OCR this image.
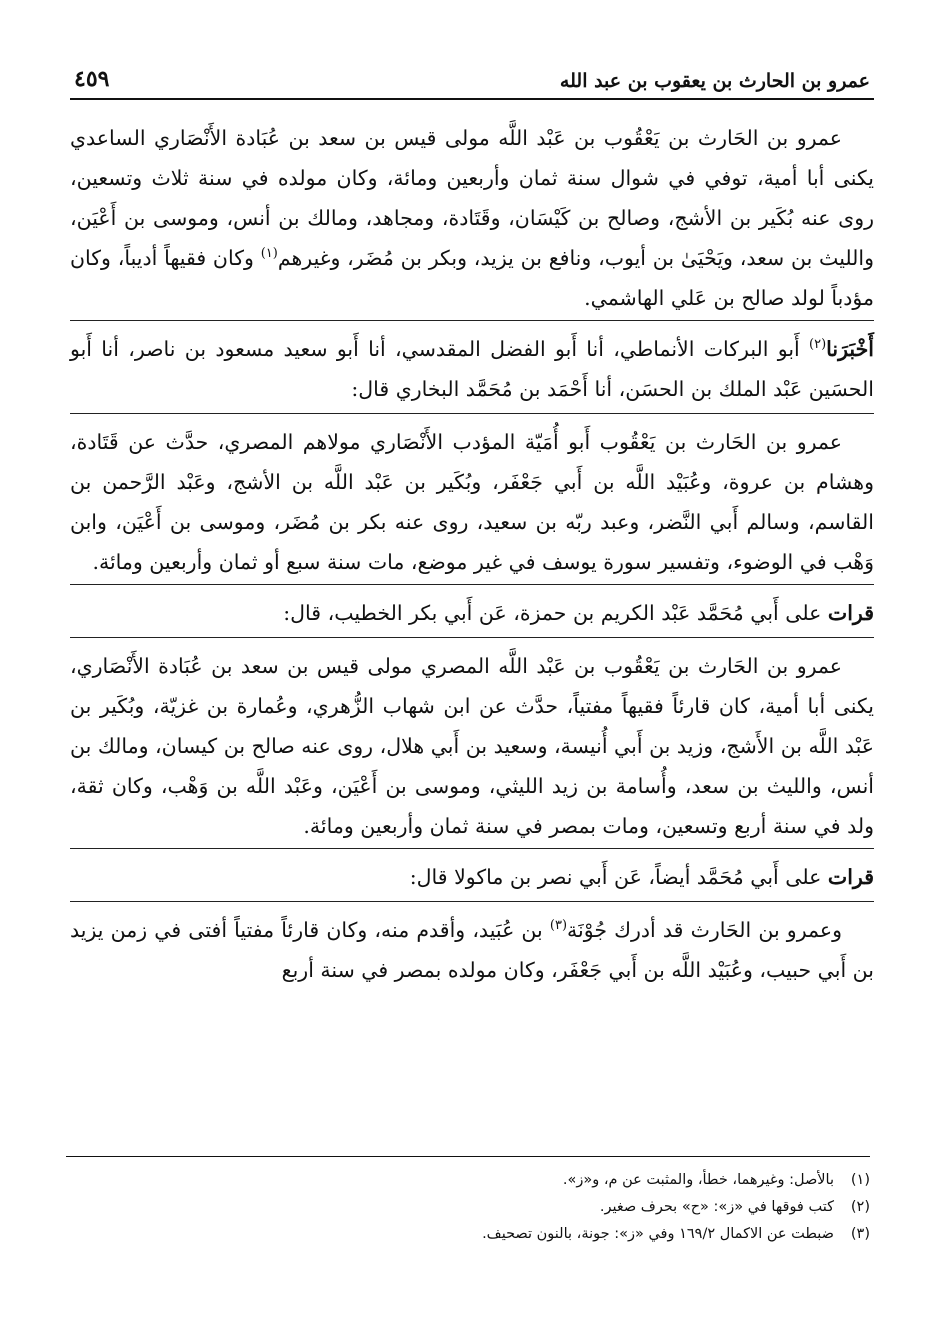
عمرو بن الحارث بن يعقوب بن عبد الله
٤٥٩

عمرو بن الحَارث بن يَعْقُوب بن عَبْد اللَّه مولى قيس بن سعد بن عُبَادة الأَنْصَاري الساعدي يكنى أبا أمية، توفي في شوال سنة ثمان وأربعين ومائة، وكان مولده في سنة ثلاث وتسعين، روى عنه بُكَير بن الأشج، وصالح بن كَيْسَان، وقَتَادة، ومجاهد، ومالك بن أنس، وموسى بن أَعْيَن، والليث بن سعد، ويَحْيَىٰ بن أيوب، ونافع بن يزيد، وبكر بن مُضَر، وغيرهم$^{(١)}$ وكان فقيهاً أديباً، وكان مؤدباً لولد صالح بن عَلي الهاشمي.

أَخْبَرَنا$^{(٢)}$ أَبو البركات الأنماطي، أنا أَبو الفضل المقدسي، أنا أَبو سعيد مسعود بن ناصر، أنا أَبو الحسَين عَبْد الملك بن الحسَن، أنا أَحْمَد بن مُحَمَّد البخاري قال:

عمرو بن الحَارث بن يَعْقُوب أَبو أُمَيّة المؤدب الأَنْصَاري مولاهم المصري، حدَّث عن قَتَادة، وهشام بن عروة، وعُبَيْد اللَّه بن أَبي جَعْفَر، وبُكَير بن عَبْد اللَّه بن الأشج، وعَبْد الرَّحمن بن القاسم، وسالم أَبي النَّضر، وعبد ربّه بن سعيد، روى عنه بكر بن مُضَر، وموسى بن أَعْيَن، وابن وَهْب في الوضوء، وتفسير سورة يوسف في غير موضع، مات سنة سبع أو ثمان وأربعين ومائة.

قرات على أَبي مُحَمَّد عَبْد الكريم بن حمزة، عَن أَبي بكر الخطيب، قال:

عمرو بن الحَارث بن يَعْقُوب بن عَبْد اللَّه المصري مولى قيس بن سعد بن عُبَادة الأَنْصَاري، يكنى أبا أمية، كان قارئاً فقيهاً مفتياً، حدَّث عن ابن شهاب الزُّهري، وعُمارة بن غزيّة، وبُكَير بن عَبْد اللَّه بن الأَشج، وزيد بن أَبي أُنيسة، وسعيد بن أَبي هلال، روى عنه صالح بن كيسان، ومالك بن أنس، والليث بن سعد، وأُسامة بن زيد الليثي، وموسى بن أَعْيَن، وعَبْد اللَّه بن وَهْب، وكان ثقة، ولد في سنة أربع وتسعين، ومات بمصر في سنة ثمان وأربعين ومائة.

قرات على أَبي مُحَمَّد أيضاً، عَن أَبي نصر بن ماكولا قال:

وعمرو بن الحَارث قد أدرك جُوْنَة$^{(٣)}$ بن عُبَيد، وأقدم منه، وكان قارئاً مفتياً أفتى في زمن يزيد بن أَبي حبيب، وعُبَيْد اللَّه بن أَبي جَعْفَر، وكان مولده بمصر في سنة أربع

(١)
بالأصل: وغيرهما، خطأ، والمثبت عن م، و«ز».
(٢)
كتب فوقها في «ز»: «ح» بحرف صغير.
(٣)
ضبطت عن الاكمال ١٦٩/٢ وفي «ز»: جونة، بالنون تصحيف.
